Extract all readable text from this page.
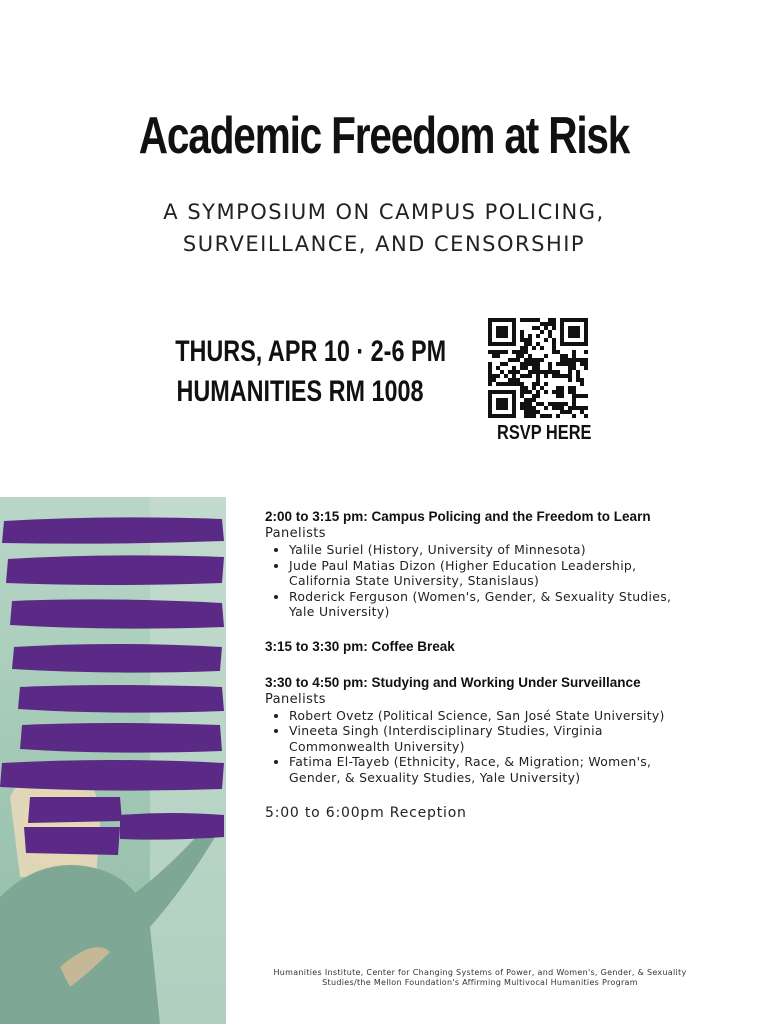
Academic Freedom at Risk
A SYMPOSIUM ON CAMPUS POLICING,
SURVEILLANCE, AND CENSORSHIP
THURS, APR 10 · 2-6 PM
HUMANITIES RM 1008
RSVP HERE
2:00 to 3:15 pm: Campus Policing and the Freedom to Learn
Panelists
• Yalile Suriel (History, University of Minnesota)
• Jude Paul Matias Dizon (Higher Education Leadership, California State University, Stanislaus)
• Roderick Ferguson (Women's, Gender, & Sexuality Studies, Yale University)
3:15 to 3:30 pm: Coffee Break
3:30 to 4:50 pm: Studying and Working Under Surveillance
Panelists
• Robert Ovetz (Political Science, San José State University)
• Vineeta Singh (Interdisciplinary Studies, Virginia Commonwealth University)
• Fatima El-Tayeb (Ethnicity, Race, & Migration; Women's, Gender, & Sexuality Studies, Yale University)
5:00 to 6:00pm Reception
Humanities Institute, Center for Changing Systems of Power, and Women's, Gender, & Sexuality Studies/the Mellon Foundation's Affirming Multivocal Humanities Program
